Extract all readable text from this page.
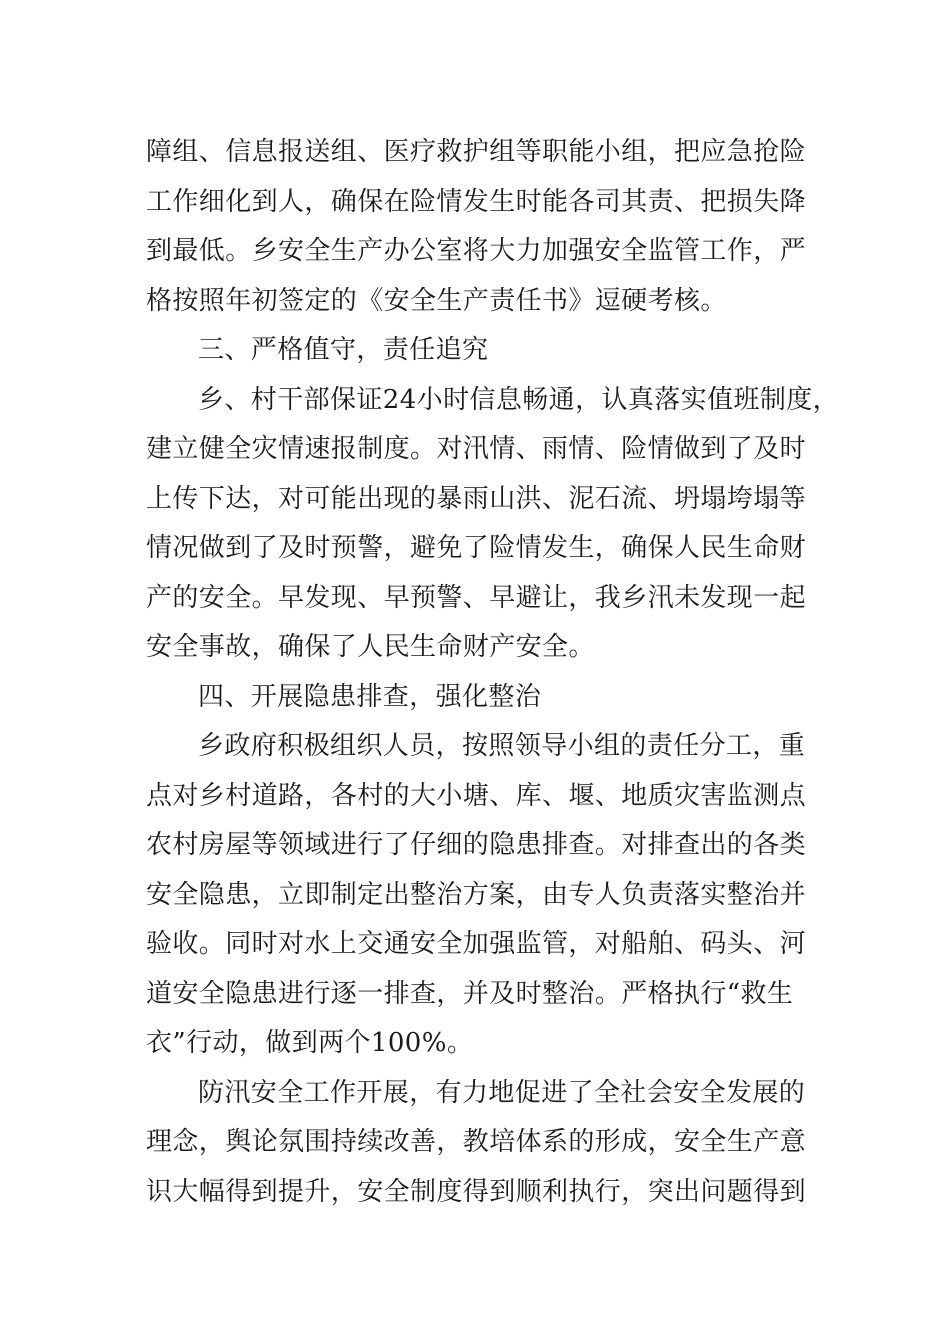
障组、信息报送组、医疗救护组等职能小组，把应急抢险
工作细化到人，确保在险情发生时能各司其责、把损失降
到最低。乡安全生产办公室将大力加强安全监管工作，严
格按照年初签定的《安全生产责任书》逗硬考核。
三、严格值守，责任追究
乡、村干部保证24小时信息畅通，认真落实值班制度，
建立健全灾情速报制度。对汛情、雨情、险情做到了及时
上传下达，对可能出现的暴雨山洪、泥石流、坍塌垮塌等
情况做到了及时预警，避免了险情发生，确保人民生命财
产的安全。早发现、早预警、早避让，我乡汛未发现一起
安全事故，确保了人民生命财产安全。
四、开展隐患排查，强化整治
乡政府积极组织人员，按照领导小组的责任分工，重
点对乡村道路，各村的大小塘、库、堰、地质灾害监测点
农村房屋等领域进行了仔细的隐患排查。对排查出的各类
安全隐患，立即制定出整治方案，由专人负责落实整治并
验收。同时对水上交通安全加强监管，对船舶、码头、河
道安全隐患进行逐一排查，并及时整治。严格执行“救生
衣”行动，做到两个100%。
防汛安全工作开展，有力地促进了全社会安全发展的
理念，舆论氛围持续改善，教培体系的形成，安全生产意
识大幅得到提升，安全制度得到顺利执行，突出问题得到
